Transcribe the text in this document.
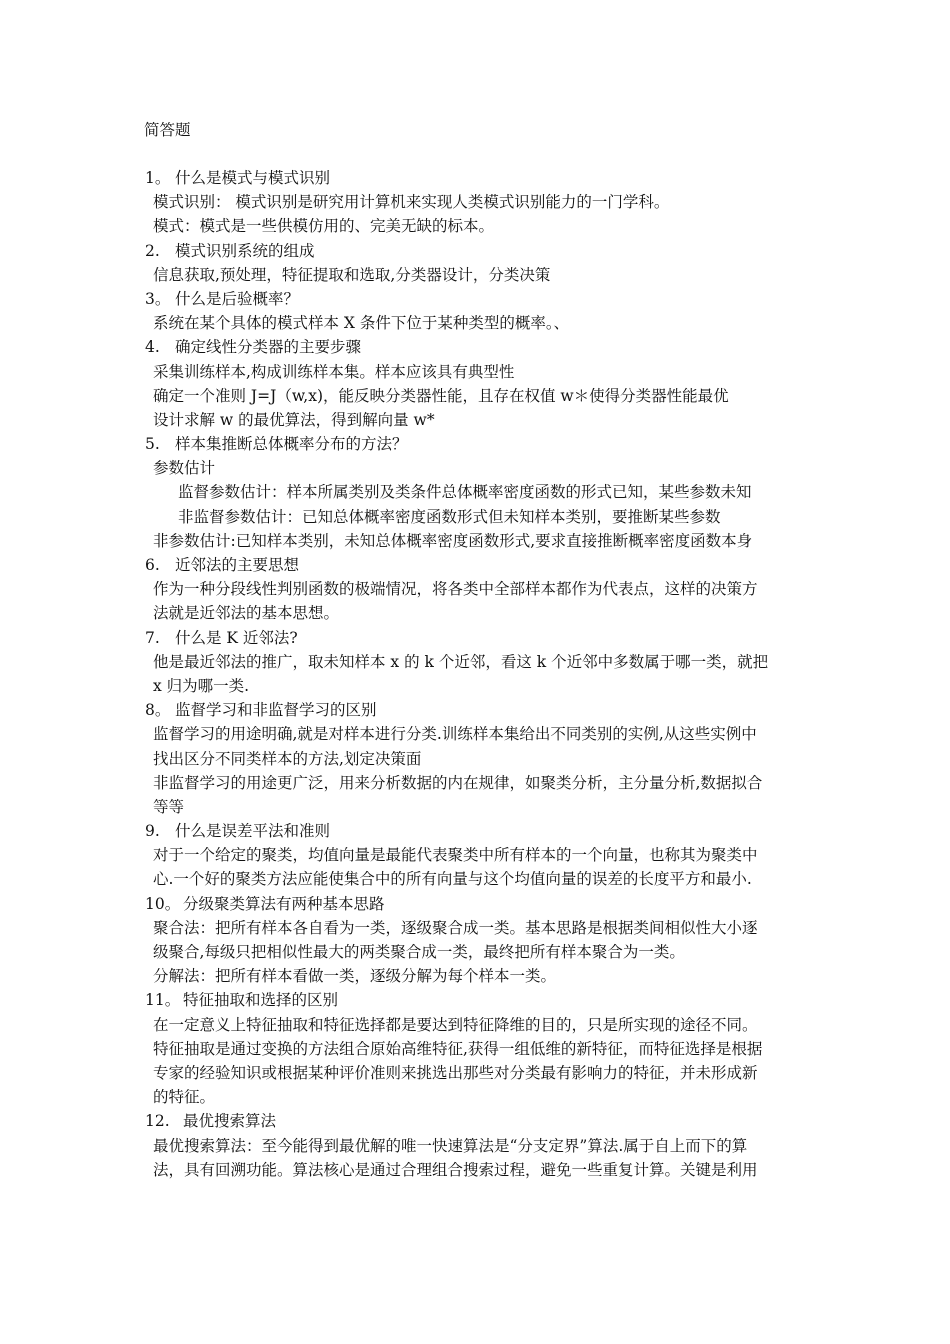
简答题
1。 什么是模式与模式识别
模式识别： 模式识别是研究用计算机来实现人类模式识别能力的一门学科。
模式：模式是一些供模仿用的、完美无缺的标本。
2. 模式识别系统的组成
信息获取,预处理，特征提取和选取,分类器设计，分类决策
3。 什么是后验概率？
系统在某个具体的模式样本 X 条件下位于某种类型的概率。、
4. 确定线性分类器的主要步骤
采集训练样本,构成训练样本集。样本应该具有典型性
确定一个准则 J=J（w,x)，能反映分类器性能，且存在权值 w＊使得分类器性能最优
设计求解 w 的最优算法，得到解向量 w*
5. 样本集推断总体概率分布的方法？
参数估计
监督参数估计：样本所属类别及类条件总体概率密度函数的形式已知，某些参数未知
非监督参数估计：已知总体概率密度函数形式但未知样本类别，要推断某些参数
非参数估计:已知样本类别，未知总体概率密度函数形式,要求直接推断概率密度函数本身
6. 近邻法的主要思想
作为一种分段线性判别函数的极端情况，将各类中全部样本都作为代表点，这样的决策方
法就是近邻法的基本思想。
7. 什么是 K 近邻法?
他是最近邻法的推广，取未知样本 x 的 k 个近邻，看这 k 个近邻中多数属于哪一类，就把
x 归为哪一类.
8。 监督学习和非监督学习的区别
监督学习的用途明确,就是对样本进行分类.训练样本集给出不同类别的实例,从这些实例中
找出区分不同类样本的方法,划定决策面
非监督学习的用途更广泛，用来分析数据的内在规律，如聚类分析，主分量分析,数据拟合
等等
9. 什么是误差平法和准则
对于一个给定的聚类，均值向量是最能代表聚类中所有样本的一个向量，也称其为聚类中
心.一个好的聚类方法应能使集合中的所有向量与这个均值向量的误差的长度平方和最小.
10。 分级聚类算法有两种基本思路
聚合法：把所有样本各自看为一类，逐级聚合成一类。基本思路是根据类间相似性大小逐
级聚合,每级只把相似性最大的两类聚合成一类，最终把所有样本聚合为一类。
分解法：把所有样本看做一类，逐级分解为每个样本一类。
11。 特征抽取和选择的区别
在一定意义上特征抽取和特征选择都是要达到特征降维的目的，只是所实现的途径不同。
特征抽取是通过变换的方法组合原始高维特征,获得一组低维的新特征，而特征选择是根据
专家的经验知识或根据某种评价准则来挑选出那些对分类最有影响力的特征，并未形成新
的特征。
12. 最优搜索算法
最优搜索算法：至今能得到最优解的唯一快速算法是“分支定界”算法.属于自上而下的算
法，具有回溯功能。算法核心是通过合理组合搜索过程，避免一些重复计算。关键是利用
